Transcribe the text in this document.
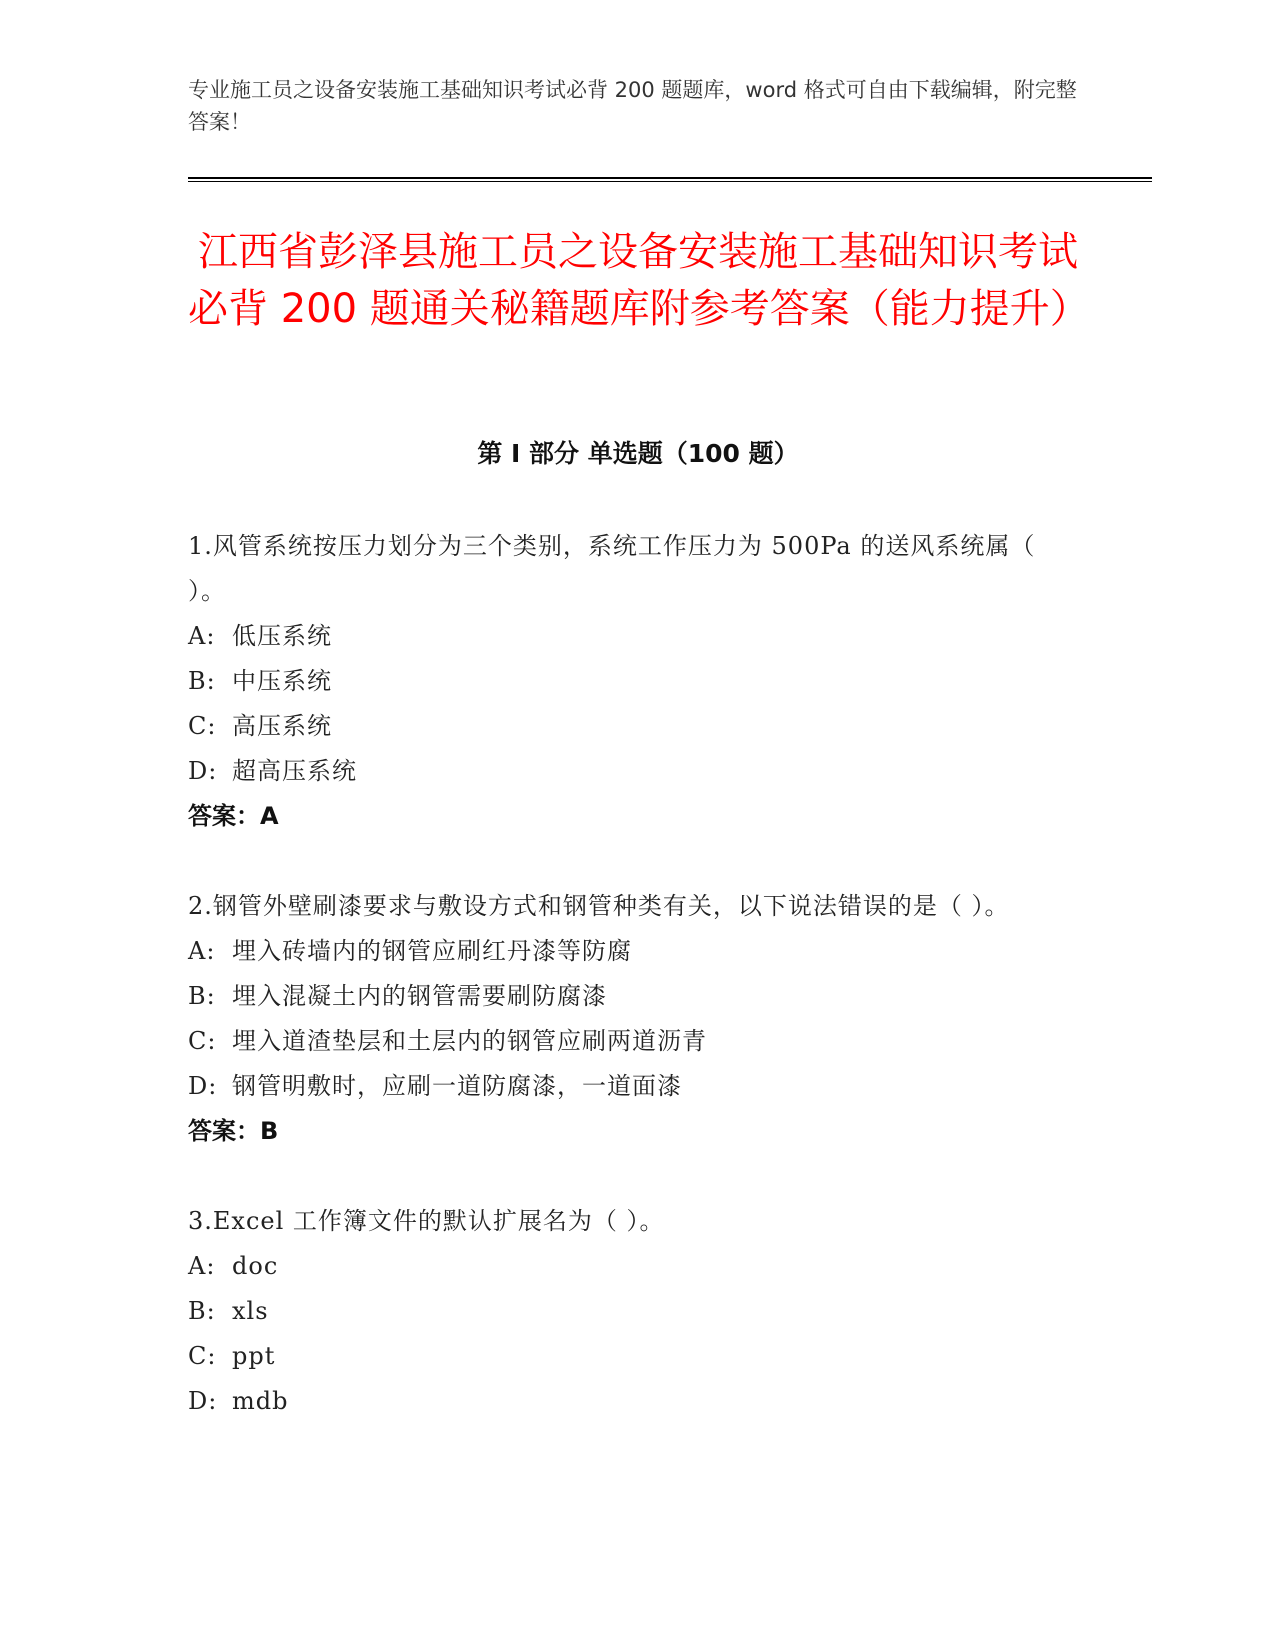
专业施工员之设备安装施工基础知识考试必背 200 题题库，word 格式可自由下载编辑，附完整答案！
江西省彭泽县施工员之设备安装施工基础知识考试必背 200 题通关秘籍题库附参考答案（能力提升）
第 I 部分 单选题（100 题）
1.风管系统按压力划分为三个类别，系统工作压力为 500Pa 的送风系统属（ ）。
A: 低压系统
B: 中压系统
C: 高压系统
D: 超高压系统
答案：A
2.钢管外壁刷漆要求与敷设方式和钢管种类有关，以下说法错误的是（ ）。
A: 埋入砖墙内的钢管应刷红丹漆等防腐
B: 埋入混凝土内的钢管需要刷防腐漆
C: 埋入道渣垫层和土层内的钢管应刷两道沥青
D: 钢管明敷时，应刷一道防腐漆，一道面漆
答案：B
3.Excel 工作簿文件的默认扩展名为（ ）。
A: doc
B: xls
C: ppt
D: mdb
